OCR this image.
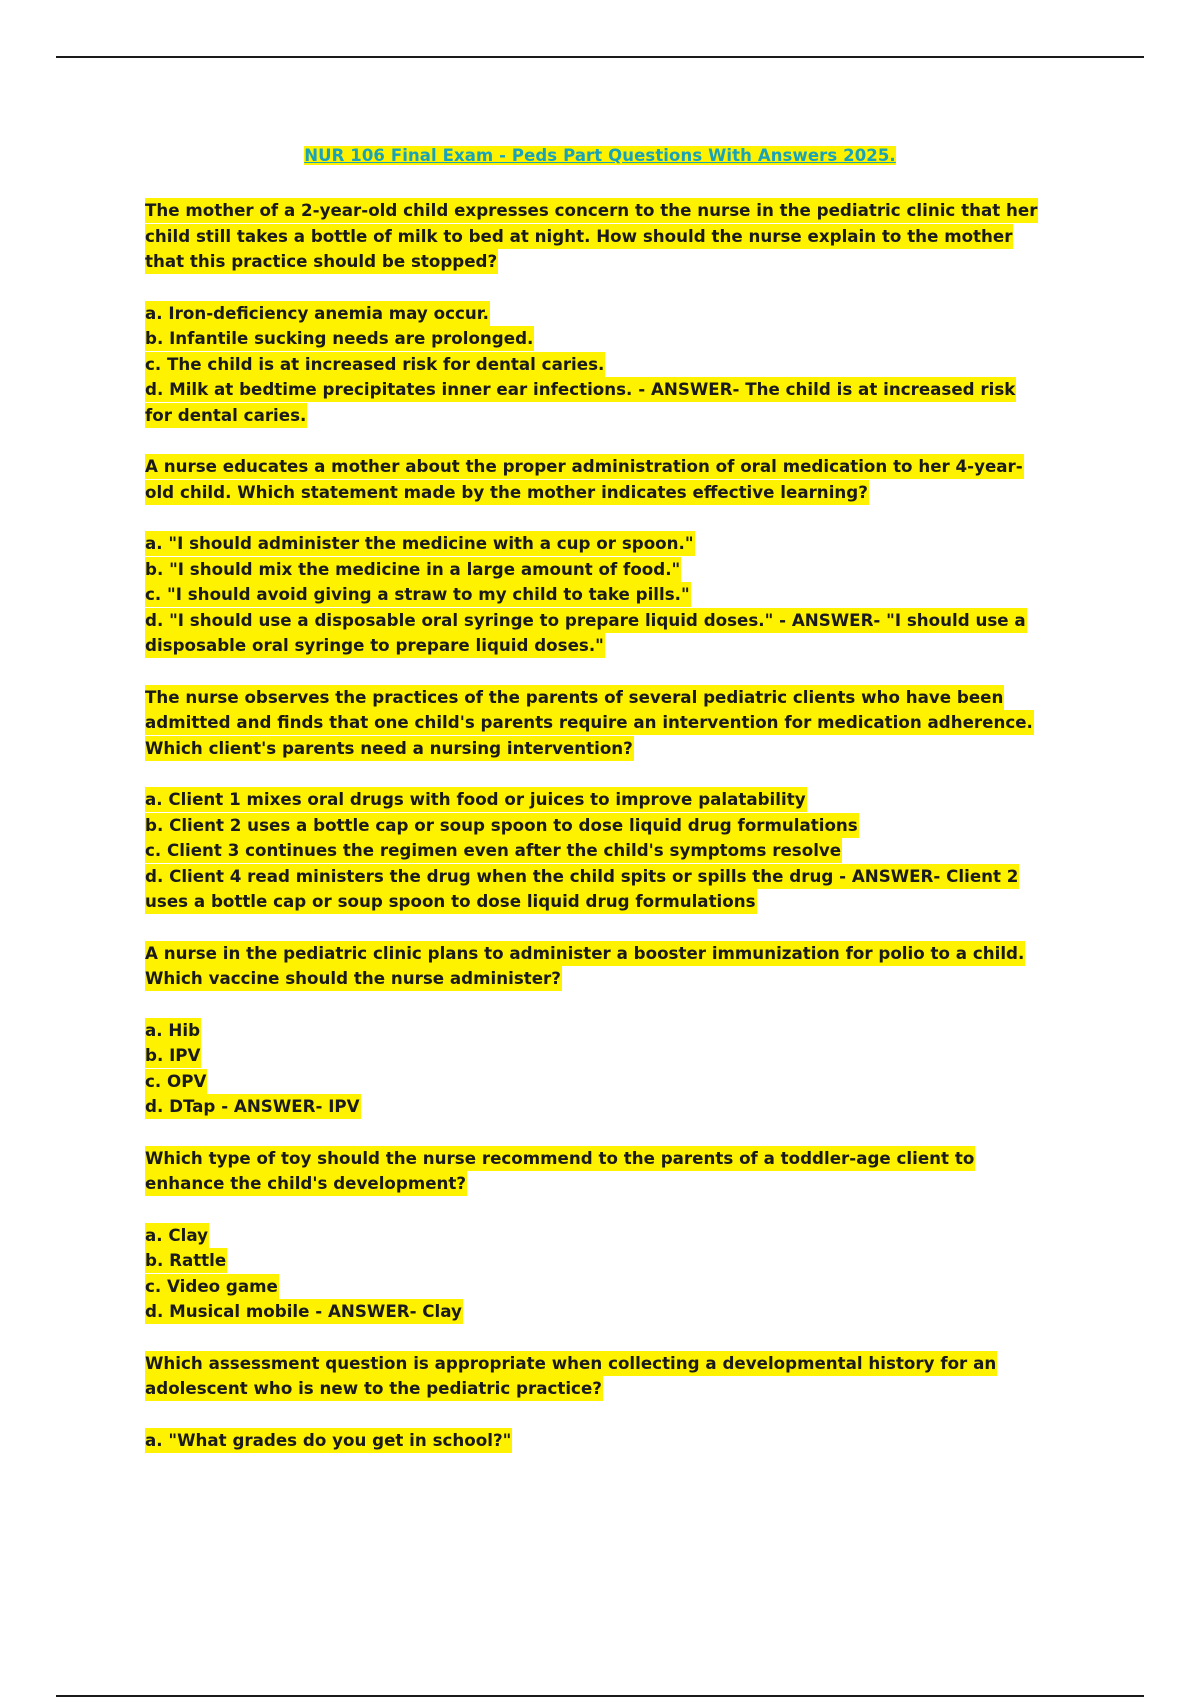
NUR 106 Final Exam - Peds Part Questions With Answers 2025.
The mother of a 2-year-old child expresses concern to the nurse in the pediatric clinic that her
child still takes a bottle of milk to bed at night. How should the nurse explain to the mother
that this practice should be stopped?
a. Iron-deficiency anemia may occur.
b. Infantile sucking needs are prolonged.
c. The child is at increased risk for dental caries.
d. Milk at bedtime precipitates inner ear infections. - ANSWER- The child is at increased risk
for dental caries.
A nurse educates a mother about the proper administration of oral medication to her 4-year-
old child. Which statement made by the mother indicates effective learning?
a. "I should administer the medicine with a cup or spoon."
b. "I should mix the medicine in a large amount of food."
c. "I should avoid giving a straw to my child to take pills."
d. "I should use a disposable oral syringe to prepare liquid doses." - ANSWER- "I should use a
disposable oral syringe to prepare liquid doses."
The nurse observes the practices of the parents of several pediatric clients who have been
admitted and finds that one child's parents require an intervention for medication adherence.
Which client's parents need a nursing intervention?
a. Client 1 mixes oral drugs with food or juices to improve palatability
b. Client 2 uses a bottle cap or soup spoon to dose liquid drug formulations
c. Client 3 continues the regimen even after the child's symptoms resolve
d. Client 4 read ministers the drug when the child spits or spills the drug - ANSWER- Client 2
uses a bottle cap or soup spoon to dose liquid drug formulations
A nurse in the pediatric clinic plans to administer a booster immunization for polio to a child.
Which vaccine should the nurse administer?
a. Hib
b. IPV
c. OPV
d. DTap - ANSWER- IPV
Which type of toy should the nurse recommend to the parents of a toddler-age client to
enhance the child's development?
a. Clay
b. Rattle
c. Video game
d. Musical mobile - ANSWER- Clay
Which assessment question is appropriate when collecting a developmental history for an
adolescent who is new to the pediatric practice?
a. "What grades do you get in school?"
